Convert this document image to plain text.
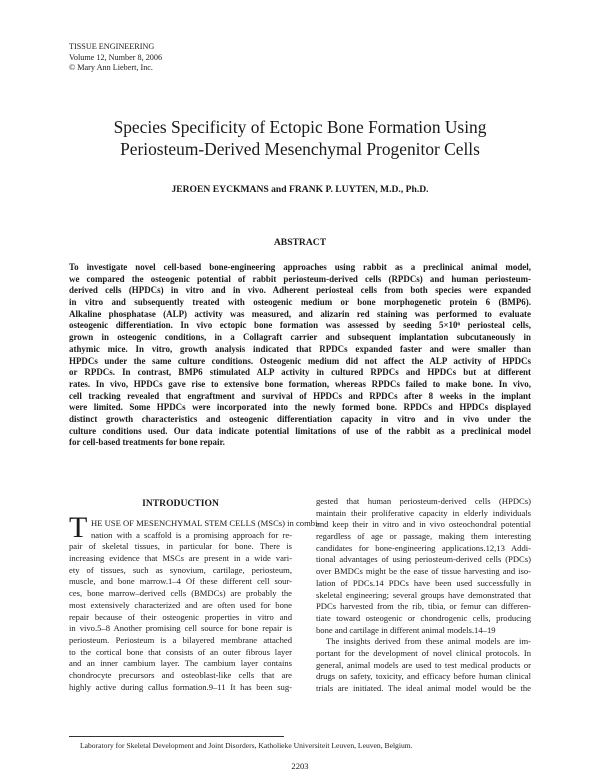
TISSUE ENGINEERING
Volume 12, Number 8, 2006
© Mary Ann Liebert, Inc.
Species Specificity of Ectopic Bone Formation Using
Periosteum-Derived Mesenchymal Progenitor Cells
JEROEN EYCKMANS and FRANK P. LUYTEN, M.D., Ph.D.
ABSTRACT
To investigate novel cell-based bone-engineering approaches using rabbit as a preclinical animal model,
we compared the osteogenic potential of rabbit periosteum-derived cells (RPDCs) and human periosteum-
derived cells (HPDCs) in vitro and in vivo. Adherent periosteal cells from both species were expanded
in vitro and subsequently treated with osteogenic medium or bone morphogenetic protein 6 (BMP6).
Alkaline phosphatase (ALP) activity was measured, and alizarin red staining was performed to evaluate
osteogenic differentiation. In vivo ectopic bone formation was assessed by seeding 5×10⁶ periosteal cells,
grown in osteogenic conditions, in a Collagraft carrier and subsequent implantation subcutaneously in
athymic mice. In vitro, growth analysis indicated that RPDCs expanded faster and were smaller than
HPDCs under the same culture conditions. Osteogenic medium did not affect the ALP activity of HPDCs
or RPDCs. In contrast, BMP6 stimulated ALP activity in cultured RPDCs and HPDCs but at different
rates. In vivo, HPDCs gave rise to extensive bone formation, whereas RPDCs failed to make bone. In vivo,
cell tracking revealed that engraftment and survival of HPDCs and RPDCs after 8 weeks in the implant
were limited. Some HPDCs were incorporated into the newly formed bone. RPDCs and HPDCs displayed
distinct growth characteristics and osteogenic differentiation capacity in vitro and in vivo under the
culture conditions used. Our data indicate potential limitations of use of the rabbit as a preclinical model
for cell-based treatments for bone repair.
INTRODUCTION
T HE USE OF MESENCHYMAL STEM CELLS (MSCs) in combi-
nation with a scaffold is a promising approach for re-
pair of skeletal tissues, in particular for bone. There is
increasing evidence that MSCs are present in a wide vari-
ety of tissues, such as synovium, cartilage, periosteum,
muscle, and bone marrow.1–4 Of these different cell sour-
ces, bone marrow–derived cells (BMDCs) are probably the
most extensively characterized and are often used for bone
repair because of their osteogenic properties in vitro and
in vivo.5–8 Another promising cell source for bone repair is
periosteum. Periosteum is a bilayered membrane attached
to the cortical bone that consists of an outer fibrous layer
and an inner cambium layer. The cambium layer contains
chondrocyte precursors and osteoblast-like cells that are
highly active during callus formation.9–11 It has been sug-
gested that human periosteum-derived cells (HPDCs)
maintain their proliferative capacity in elderly individuals
and keep their in vitro and in vivo osteochondral potential
regardless of age or passage, making them interesting
candidates for bone-engineering applications.12,13 Addi-
tional advantages of using periosteum-derived cells (PDCs)
over BMDCs might be the ease of tissue harvesting and iso-
lation of PDCs.14 PDCs have been used successfully in
skeletal engineering; several groups have demonstrated that
PDCs harvested from the rib, tibia, or femur can differen-
tiate toward osteogenic or chondrogenic cells, producing
bone and cartilage in different animal models.14–19
The insights derived from these animal models are im-
portant for the development of novel clinical protocols. In
general, animal models are used to test medical products or
drugs on safety, toxicity, and efficacy before human clinical
trials are initiated. The ideal animal model would be the
Laboratory for Skeletal Development and Joint Disorders, Katholieke Universiteit Leuven, Leuven, Belgium.
2203
